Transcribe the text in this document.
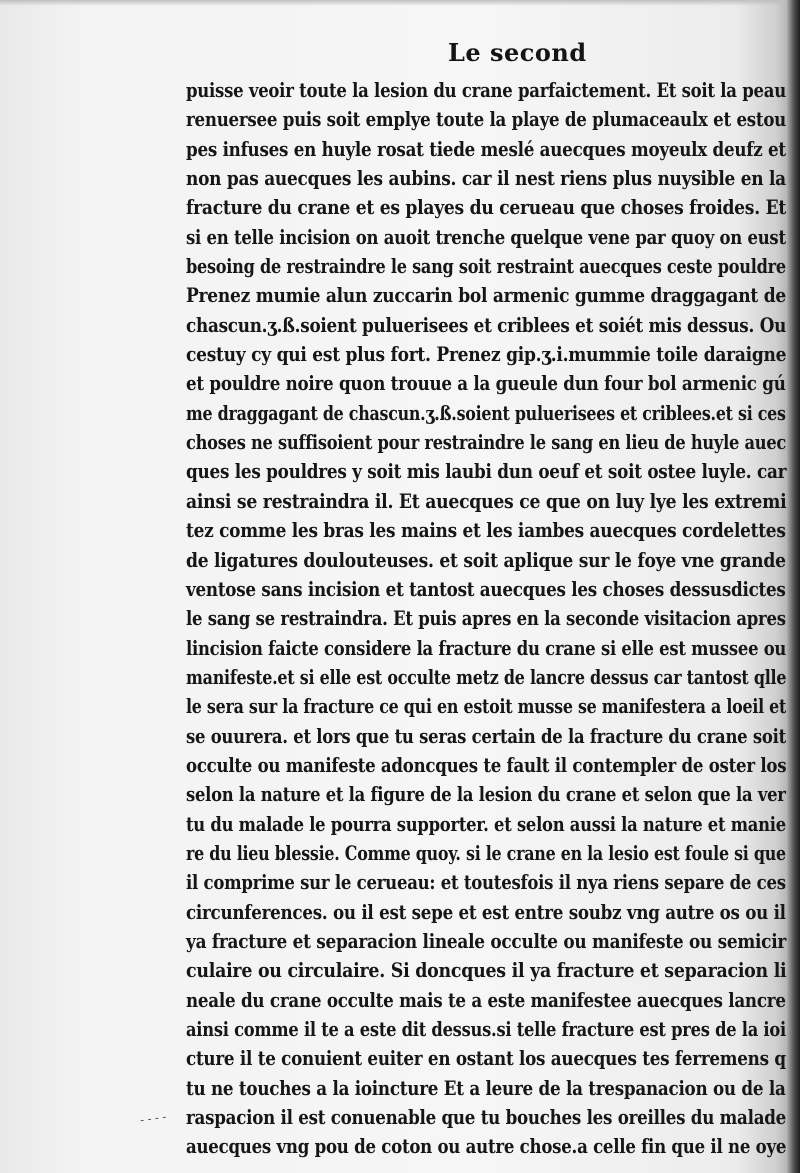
Le second
puisse veoir toute la lesion du crane parfaictement. Et soit la peau
renuersee puis soit emplye toute la playe de plumaceaulx et estou
pes infuses en huyle rosat tiede meslé auecques moyeulx deufz et
non pas auecques les aubins. car il nest riens plus nuysible en la
fracture du crane et es playes du cerueau que choses froides. Et
si en telle incision on auoit trenche quelque vene par quoy on eust
besoing de restraindre le sang soit restraint auecques ceste pouldre
Prenez mumie alun zuccarin bol armenic gumme draggagant de
chascun.ʒ.ß.soient puluerisees et criblees et soiét mis dessus. Ou
cestuy cy qui est plus fort. Prenez gip.ʒ.i.mummie toile daraigne
et pouldre noire quon trouue a la gueule dun four bol armenic gú
me draggagant de chascun.ʒ.ß.soient puluerisees et criblees.et si ces
choses ne suffisoient pour restraindre le sang en lieu de huyle auec
ques les pouldres y soit mis laubi dun oeuf et soit ostee luyle. car
ainsi se restraindra il. Et auecques ce que on luy lye les extremi
tez comme les bras les mains et les iambes auecques cordelettes
de ligatures doulouteuses. et soit aplique sur le foye vne grande
ventose sans incision et tantost auecques les choses dessusdictes
le sang se restraindra. Et puis apres en la seconde visitacion apres
lincision faicte considere la fracture du crane si elle est mussee ou
manifeste.et si elle est occulte metz de lancre dessus car tantost qlle
le sera sur la fracture ce qui en estoit musse se manifestera a loeil et
se ouurera. et lors que tu seras certain de la fracture du crane soit
occulte ou manifeste adoncques te fault il contempler de oster los
selon la nature et la figure de la lesion du crane et selon que la ver
tu du malade le pourra supporter. et selon aussi la nature et manie
re du lieu blessie. Comme quoy. si le crane en la lesio est foule si que
il comprime sur le cerueau: et toutesfois il nya riens separe de ces
circunferences. ou il est sepe et est entre soubz vng autre os ou il
ya fracture et separacion lineale occulte ou manifeste ou semicir
culaire ou circulaire. Si doncques il ya fracture et separacion li
neale du crane occulte mais te a este manifestee auecques lancre
ainsi comme il te a este dit dessus.si telle fracture est pres de la ioi
cture il te conuient euiter en ostant los auecques tes ferremens q
tu ne touches a la ioincture Et a leure de la trespanacion ou de la
raspacion il est conuenable que tu bouches les oreilles du malade
auecques vng pou de coton ou autre chose.a celle fin que il ne oye
- - - -
